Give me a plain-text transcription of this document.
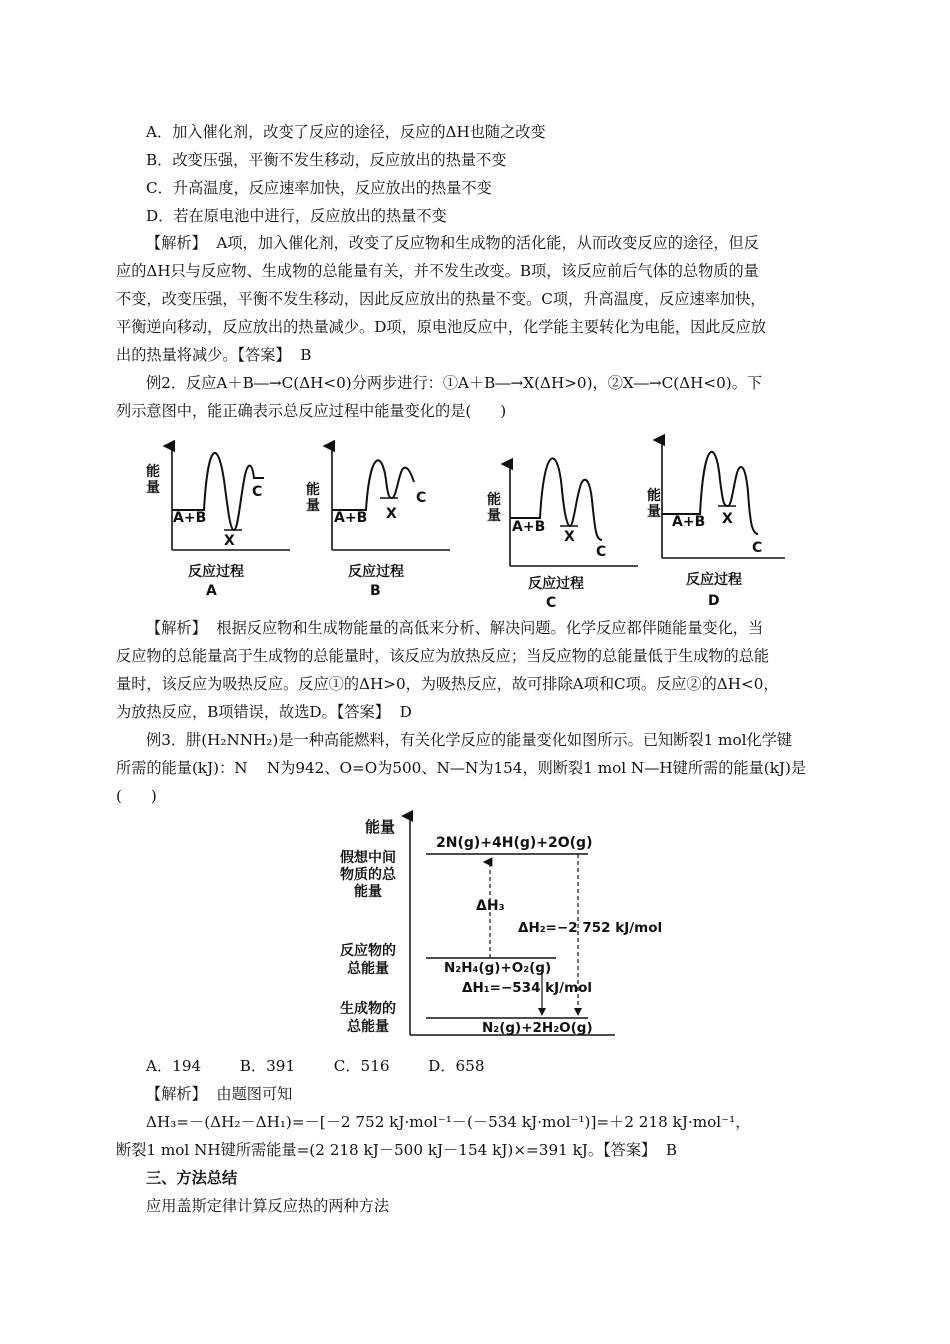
A．加入催化剂，改变了反应的途径，反应的ΔH也随之改变
B．改变压强，平衡不发生移动，反应放出的热量不变
C．升高温度，反应速率加快，反应放出的热量不变
D．若在原电池中进行，反应放出的热量不变
【解析】  A项，加入催化剂，改变了反应物和生成物的活化能，从而改变反应的途径，但反
应的ΔH只与反应物、生成物的总能量有关，并不发生改变。B项，该反应前后气体的总物质的量
不变，改变压强，平衡不发生移动，因此反应放出的热量不变。C项，升高温度，反应速率加快，
平衡逆向移动，反应放出的热量减少。D项，原电池反应中，化学能主要转化为电能，因此反应放
出的热量将减少。【答案】  B
例2．反应A＋B―→C(ΔH<0)分两步进行：①A＋B―→X(ΔH>0)，②X―→C(ΔH<0)。下
列示意图中，能正确表示总反应过程中能量变化的是(      )
能量
A+B
X
C
反应过程
A
能量
A+B X
C
反应过程
B
能量
A+B
X
C
反应过程
C
能量
A+B X
C
反应过程
D
【解析】  根据反应物和生成物能量的高低来分析、解决问题。化学反应都伴随能量变化，当
反应物的总能量高于生成物的总能量时，该反应为放热反应；当反应物的总能量低于生成物的总能
量时，该反应为吸热反应。反应①的ΔH>0，为吸热反应，故可排除A项和C项。反应②的ΔH<0，
为放热反应，B项错误，故选D。【答案】  D
例3．肼(H₂NNH₂)是一种高能燃料，有关化学反应的能量变化如图所示。已知断裂1 mol化学键
所需的能量(kJ)：N    N为942、O=O为500、N—N为154，则断裂1 mol N—H键所需的能量(kJ)是
(      )
能量
2N(g)+4H(g)+2O(g)
假想中间
物质的总
能量
ΔH₃
ΔH₂=−2 752 kJ/mol
反应物的
总能量	N₂H₄(g)+O₂(g)
ΔH₁=−534 kJ/mol
生成物的
总能量	N₂(g)+2H₂O(g)
A．194        B．391        C．516        D．658
【解析】  由题图可知
ΔH₃=－(ΔH₂－ΔH₁)=－[－2 752 kJ·mol⁻¹－(－534 kJ·mol⁻¹)]=＋2 218 kJ·mol⁻¹，
断裂1 mol NH键所需能量=(2 218 kJ－500 kJ－154 kJ)×=391 kJ。【答案】  B
三、方法总结
应用盖斯定律计算反应热的两种方法
